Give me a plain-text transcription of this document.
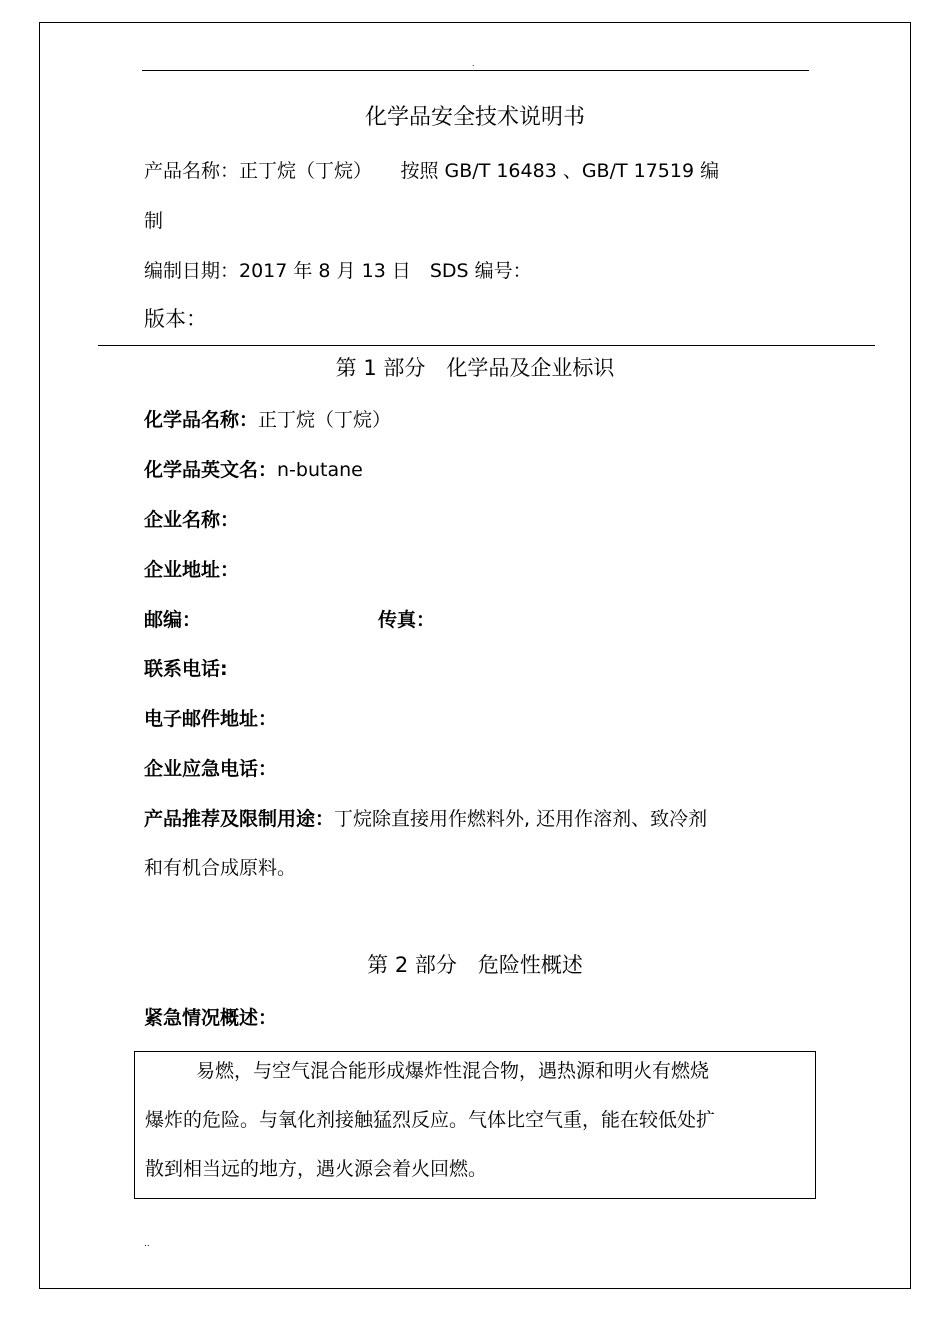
.
化学品安全技术说明书
产品名称：正丁烷（丁烷）　　按照 GB/T 16483 、GB/T 17519 编
制
编制日期：2017 年 8 月 13 日　SDS 编号：
版本：
第 1 部分　化学品及企业标识
化学品名称：正丁烷（丁烷）
化学品英文名：n-butane
企业名称：
企业地址：
邮编：	传真：
联系电话:
电子邮件地址：
企业应急电话：
产品推荐及限制用途：丁烷除直接用作燃料外, 还用作溶剂、致冷剂
和有机合成原料。
第 2 部分　危险性概述
紧急情况概述：
易燃，与空气混合能形成爆炸性混合物，遇热源和明火有燃烧
爆炸的危险。与氧化剂接触猛烈反应。气体比空气重，能在较低处扩
散到相当远的地方，遇火源会着火回燃。
..
